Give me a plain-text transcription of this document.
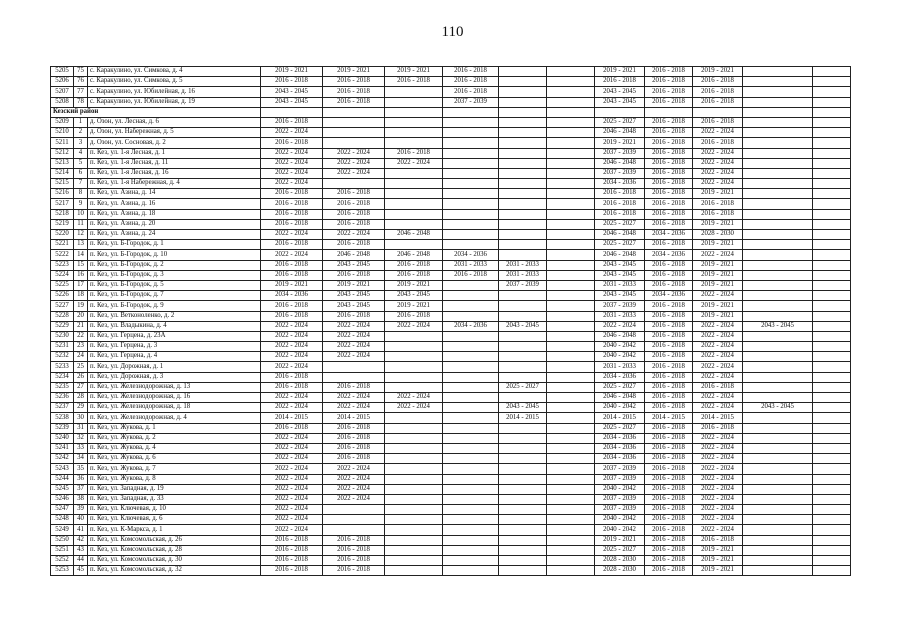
110
5205	75	с. Каракулино, ул. Симкова, д. 4	2019 - 2021	2019 - 2021	2019 - 2021	2016 - 2018			2019 - 2021	2016 - 2018	2019 - 2021		
5206	76	с. Каракулино, ул. Симкова, д. 5	2016 - 2018	2016 - 2018	2016 - 2018	2016 - 2018			2016 - 2018	2016 - 2018	2016 - 2018		
5207	77	с. Каракулино, ул. Юбилейная, д. 16	2043 - 2045	2016 - 2018		2016 - 2018			2043 - 2045	2016 - 2018	2016 - 2018		
5208	78	с. Каракулино, ул. Юбилейная, д. 19	2043 - 2045	2016 - 2018		2037 - 2039			2043 - 2045	2016 - 2018	2016 - 2018		
Кезский район													
5209	1	д. Озон, ул. Лесная, д. 6	2016 - 2018						2025 - 2027	2016 - 2018	2016 - 2018		
5210	2	д. Озон, ул. Набережная, д. 5	2022 - 2024						2046 - 2048	2016 - 2018	2022 - 2024		
5211	3	д. Озон, ул. Сосновая, д. 2	2016 - 2018						2019 - 2021	2016 - 2018	2016 - 2018		
5212	4	п. Кез, ул. 1-я Лесная, д. 1	2022 - 2024	2022 - 2024	2016 - 2018				2037 - 2039	2016 - 2018	2022 - 2024		
5213	5	п. Кез, ул. 1-я Лесная, д. 11	2022 - 2024	2022 - 2024	2022 - 2024				2046 - 2048	2016 - 2018	2022 - 2024		
5214	6	п. Кез, ул. 1-я Лесная, д. 16	2022 - 2024	2022 - 2024					2037 - 2039	2016 - 2018	2022 - 2024		
5215	7	п. Кез, ул. 1-я Набережная, д. 4	2022 - 2024						2034 - 2036	2016 - 2018	2022 - 2024		
5216	8	п. Кез, ул. Азина, д. 14	2016 - 2018	2016 - 2018					2016 - 2018	2016 - 2018	2019 - 2021		
5217	9	п. Кез, ул. Азина, д. 16	2016 - 2018	2016 - 2018					2016 - 2018	2016 - 2018	2016 - 2018		
5218	10	п. Кез, ул. Азина, д. 18	2016 - 2018	2016 - 2018					2016 - 2018	2016 - 2018	2016 - 2018		
5219	11	п. Кез, ул. Азина, д. 20	2016 - 2018	2016 - 2018					2025 - 2027	2016 - 2018	2019 - 2021		
5220	12	п. Кез, ул. Азина, д. 24	2022 - 2024	2022 - 2024	2046 - 2048				2046 - 2048	2034 - 2036	2028 - 2030		
5221	13	п. Кез, ул. Б-Городок, д. 1	2016 - 2018	2016 - 2018					2025 - 2027	2016 - 2018	2019 - 2021		
5222	14	п. Кез, ул. Б-Городок, д. 10	2022 - 2024	2046 - 2048	2046 - 2048	2034 - 2036			2046 - 2048	2034 - 2036	2022 - 2024		
5223	15	п. Кез, ул. Б-Городок, д. 2	2016 - 2018	2043 - 2045	2016 - 2018	2031 - 2033	2031 - 2033		2043 - 2045	2016 - 2018	2019 - 2021		
5224	16	п. Кез, ул. Б-Городок, д. 3	2016 - 2018	2016 - 2018	2016 - 2018	2016 - 2018	2031 - 2033		2043 - 2045	2016 - 2018	2019 - 2021		
5225	17	п. Кез, ул. Б-Городок, д. 5	2019 - 2021	2019 - 2021	2019 - 2021		2037 - 2039		2031 - 2033	2016 - 2018	2019 - 2021		
5226	18	п. Кез, ул. Б-Городок, д. 7	2034 - 2036	2043 - 2045	2043 - 2045				2043 - 2045	2034 - 2036	2022 - 2024		
5227	19	п. Кез, ул. Б-Городок, д. 9	2016 - 2018	2043 - 2045	2019 - 2021				2037 - 2039	2016 - 2018	2019 - 2021		
5228	20	п. Кез, ул. Ветконоленко, д. 2	2016 - 2018	2016 - 2018	2016 - 2018				2031 - 2033	2016 - 2018	2019 - 2021		
5229	21	п. Кез, ул. Владыкина, д. 4	2022 - 2024	2022 - 2024	2022 - 2024	2034 - 2036	2043 - 2045		2022 - 2024	2016 - 2018	2022 - 2024	2043 - 2045	
5230	22	п. Кез, ул. Герцена, д. 23А	2022 - 2024	2022 - 2024					2046 - 2048	2016 - 2018	2022 - 2024		
5231	23	п. Кез, ул. Герцена, д. 3	2022 - 2024	2022 - 2024					2040 - 2042	2016 - 2018	2022 - 2024		
5232	24	п. Кез, ул. Герцена, д. 4	2022 - 2024	2022 - 2024					2040 - 2042	2016 - 2018	2022 - 2024		
5233	25	п. Кез, ул. Дорожная, д. 1	2022 - 2024						2031 - 2033	2016 - 2018	2022 - 2024		
5234	26	п. Кез, ул. Дорожная, д. 3	2016 - 2018						2034 - 2036	2016 - 2018	2022 - 2024		
5235	27	п. Кез, ул. Железнодорожная, д. 13	2016 - 2018	2016 - 2018			2025 - 2027		2025 - 2027	2016 - 2018	2016 - 2018		
5236	28	п. Кез, ул. Железнодорожная, д. 16	2022 - 2024	2022 - 2024	2022 - 2024				2046 - 2048	2016 - 2018	2022 - 2024		
5237	29	п. Кез, ул. Железнодорожная, д. 18	2022 - 2024	2022 - 2024	2022 - 2024		2043 - 2045		2040 - 2042	2016 - 2018	2022 - 2024	2043 - 2045	
5238	30	п. Кез, ул. Железнодорожная, д. 4	2014 - 2015	2014 - 2015			2014 - 2015		2014 - 2015	2014 - 2015	2014 - 2015		
5239	31	п. Кез, ул. Жукова, д. 1	2016 - 2018	2016 - 2018					2025 - 2027	2016 - 2018	2016 - 2018		
5240	32	п. Кез, ул. Жукова, д. 2	2022 - 2024	2016 - 2018					2034 - 2036	2016 - 2018	2022 - 2024		
5241	33	п. Кез, ул. Жукова, д. 4	2022 - 2024	2016 - 2018					2034 - 2036	2016 - 2018	2022 - 2024		
5242	34	п. Кез, ул. Жукова, д. 6	2022 - 2024	2016 - 2018					2034 - 2036	2016 - 2018	2022 - 2024		
5243	35	п. Кез, ул. Жукова, д. 7	2022 - 2024	2022 - 2024					2037 - 2039	2016 - 2018	2022 - 2024		
5244	36	п. Кез, ул. Жукова, д. 8	2022 - 2024	2022 - 2024					2037 - 2039	2016 - 2018	2022 - 2024		
5245	37	п. Кез, ул. Западная, д. 19	2022 - 2024	2022 - 2024					2040 - 2042	2016 - 2018	2022 - 2024		
5246	38	п. Кез, ул. Западная, д. 33	2022 - 2024	2022 - 2024					2037 - 2039	2016 - 2018	2022 - 2024		
5247	39	п. Кез, ул. Ключевая, д. 10	2022 - 2024						2037 - 2039	2016 - 2018	2022 - 2024		
5248	40	п. Кез, ул. Ключевая, д. 6	2022 - 2024						2040 - 2042	2016 - 2018	2022 - 2024		
5249	41	п. Кез, ул. К-Маркса, д. 1	2022 - 2024						2040 - 2042	2016 - 2018	2022 - 2024		
5250	42	п. Кез, ул. Комсомольская, д. 26	2016 - 2018	2016 - 2018					2019 - 2021	2016 - 2018	2016 - 2018		
5251	43	п. Кез, ул. Комсомольская, д. 28	2016 - 2018	2016 - 2018					2025 - 2027	2016 - 2018	2019 - 2021		
5252	44	п. Кез, ул. Комсомольская, д. 30	2016 - 2018	2016 - 2018					2028 - 2030	2016 - 2018	2019 - 2021		
5253	45	п. Кез, ул. Комсомольская, д. 32	2016 - 2018	2016 - 2018					2028 - 2030	2016 - 2018	2019 - 2021		
